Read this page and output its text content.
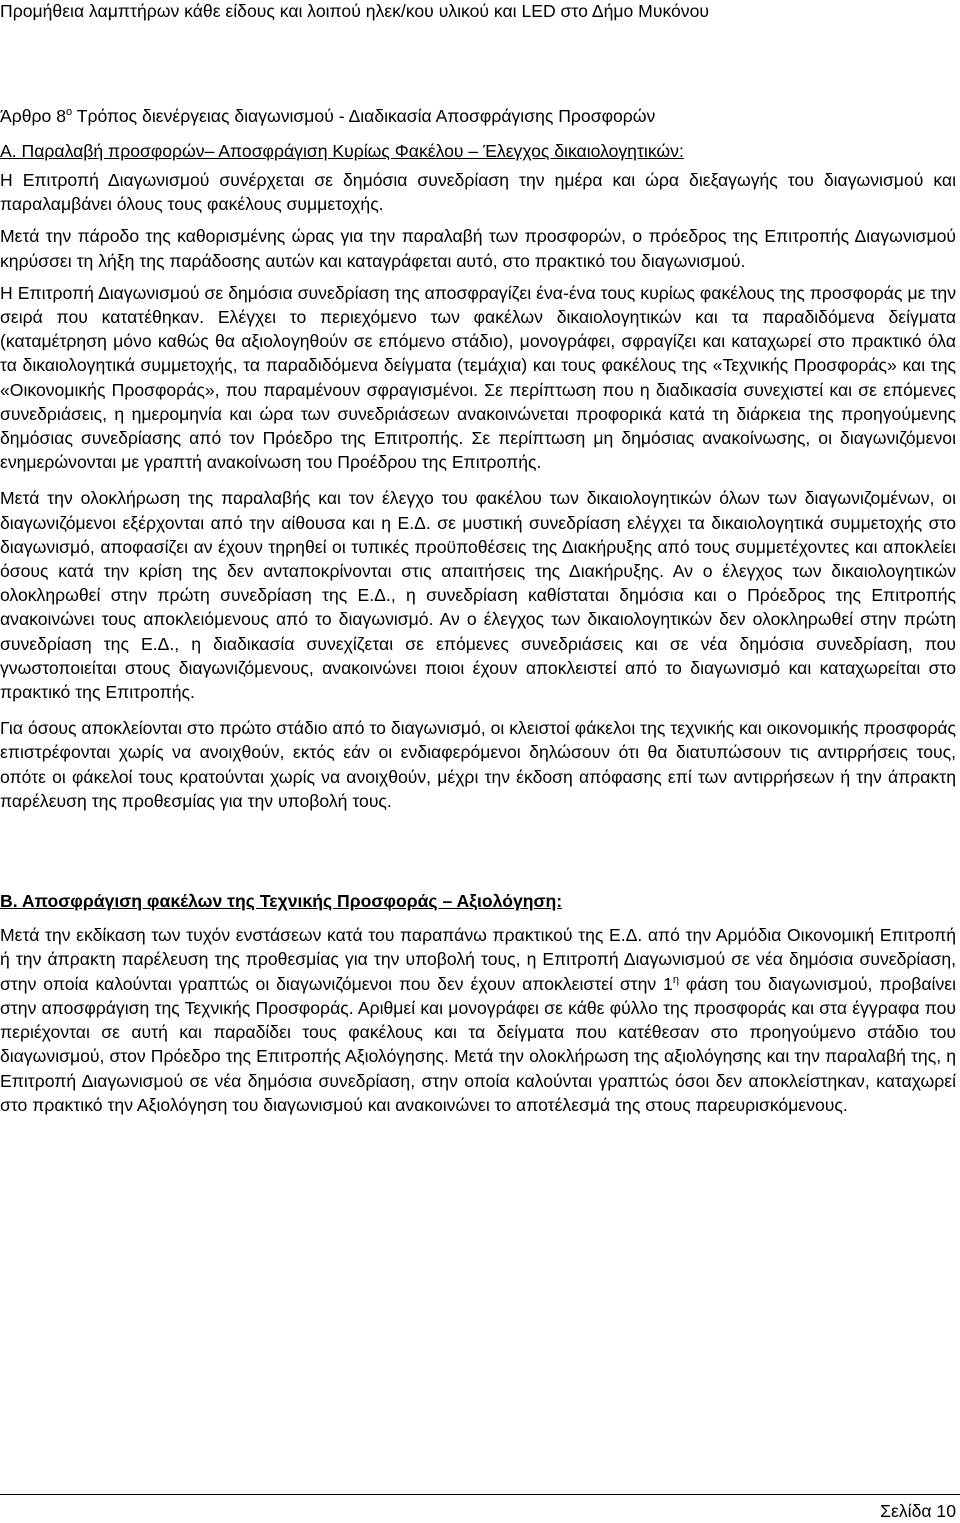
Προμήθεια λαμπτήρων κάθε είδους και λοιπού ηλεκ/κου υλικού και LED στο Δήμο Μυκόνου
Άρθρο $8^o$ Τρόπος διενέργειας διαγωνισμού - Διαδικασία Αποσφράγισης Προσφορών
Α. Παραλαβή προσφορών– Αποσφράγιση Κυρίως Φακέλου – Έλεγχος δικαιολογητικών:

Η Επιτροπή Διαγωνισμού συνέρχεται σε δημόσια συνεδρίαση την ημέρα και ώρα διεξαγωγής του διαγωνισμού και παραλαμβάνει όλους τους φακέλους συμμετοχής.

Μετά την πάροδο της καθορισμένης ώρας για την παραλαβή των προσφορών, ο πρόεδρος της Επιτροπής Διαγωνισμού κηρύσσει τη λήξη της παράδοσης αυτών και καταγράφεται αυτό, στο πρακτικό του διαγωνισμού.

Η Επιτροπή Διαγωνισμού σε δημόσια συνεδρίαση της αποσφραγίζει ένα-ένα τους κυρίως φακέλους της προσφοράς με την σειρά που κατατέθηκαν. Ελέγχει το περιεχόμενο των φακέλων δικαιολογητικών και τα παραδιδόμενα δείγματα (καταμέτρηση μόνο καθώς θα αξιολογηθούν σε επόμενο στάδιο), μονογράφει, σφραγίζει και καταχωρεί στο πρακτικό όλα τα δικαιολογητικά συμμετοχής, τα παραδιδόμενα δείγματα (τεμάχια) και τους φακέλους της «Τεχνικής Προσφοράς» και της «Οικονομικής Προσφοράς», που παραμένουν σφραγισμένοι. Σε περίπτωση που η διαδικασία συνεχιστεί και σε επόμενες συνεδριάσεις, η ημερομηνία και ώρα των συνεδριάσεων ανακοινώνεται προφορικά κατά τη διάρκεια της προηγούμενης δημόσιας συνεδρίασης από τον Πρόεδρο της Επιτροπής. Σε περίπτωση μη δημόσιας ανακοίνωσης, οι διαγωνιζόμενοι ενημερώνονται με γραπτή ανακοίνωση του Προέδρου της Επιτροπής.

Μετά την ολοκλήρωση της παραλαβής και τον έλεγχο του φακέλου των δικαιολογητικών όλων των διαγωνιζομένων, οι διαγωνιζόμενοι εξέρχονται από την αίθουσα και η Ε.Δ. σε μυστική συνεδρίαση ελέγχει τα δικαιολογητικά συμμετοχής στο διαγωνισμό, αποφασίζει αν έχουν τηρηθεί οι τυπικές προϋποθέσεις της Διακήρυξης από τους συμμετέχοντες και αποκλείει όσους κατά την κρίση της δεν ανταποκρίνονται στις απαιτήσεις της Διακήρυξης. Αν ο έλεγχος των δικαιολογητικών ολοκληρωθεί στην πρώτη συνεδρίαση της Ε.Δ., η συνεδρίαση καθίσταται δημόσια και ο Πρόεδρος της Επιτροπής ανακοινώνει τους αποκλειόμενους από το διαγωνισμό. Αν ο έλεγχος των δικαιολογητικών δεν ολοκληρωθεί στην πρώτη συνεδρίαση της Ε.Δ., η διαδικασία συνεχίζεται σε επόμενες συνεδριάσεις και σε νέα δημόσια συνεδρίαση, που γνωστοποιείται στους διαγωνιζόμενους, ανακοινώνει ποιοι έχουν αποκλειστεί από το διαγωνισμό και καταχωρείται στο πρακτικό της Επιτροπής.

Για όσους αποκλείονται στο πρώτο στάδιο από το διαγωνισμό, οι κλειστοί φάκελοι της τεχνικής και οικονομικής προσφοράς επιστρέφονται χωρίς να ανοιχθούν, εκτός εάν οι ενδιαφερόμενοι δηλώσουν ότι θα διατυπώσουν τις αντιρρήσεις τους, οπότε οι φάκελοί τους κρατούνται χωρίς να ανοιχθούν, μέχρι την έκδοση απόφασης επί των αντιρρήσεων ή την άπρακτη παρέλευση της προθεσμίας για την υποβολή τους.

Β. Αποσφράγιση φακέλων της Τεχνικής Προσφοράς – Αξιολόγηση:

Μετά την εκδίκαση των τυχόν ενστάσεων κατά του παραπάνω πρακτικού της Ε.Δ. από την Αρμόδια Οικονομική Επιτροπή ή την άπρακτη παρέλευση της προθεσμίας για την υποβολή τους, η Επιτροπή Διαγωνισμού σε νέα δημόσια συνεδρίαση, στην οποία καλούνται γραπτώς οι διαγωνιζόμενοι που δεν έχουν αποκλειστεί στην $1^\eta$ φάση του διαγωνισμού, προβαίνει στην αποσφράγιση της Τεχνικής Προσφοράς. Αριθμεί και μονογράφει σε κάθε φύλλο της προσφοράς και στα έγγραφα που περιέχονται σε αυτή και παραδίδει τους φακέλους και τα δείγματα που κατέθεσαν στο προηγούμενο στάδιο του διαγωνισμού, στον Πρόεδρο της Επιτροπής Αξιολόγησης. Μετά την ολοκλήρωση της αξιολόγησης και την παραλαβή της, η Επιτροπή Διαγωνισμού σε νέα δημόσια συνεδρίαση, στην οποία καλούνται γραπτώς όσοι δεν αποκλείστηκαν, καταχωρεί στο πρακτικό την Αξιολόγηση του διαγωνισμού και ανακοινώνει το αποτέλεσμά της στους παρευρισκόμενους.

Σελίδα 10
